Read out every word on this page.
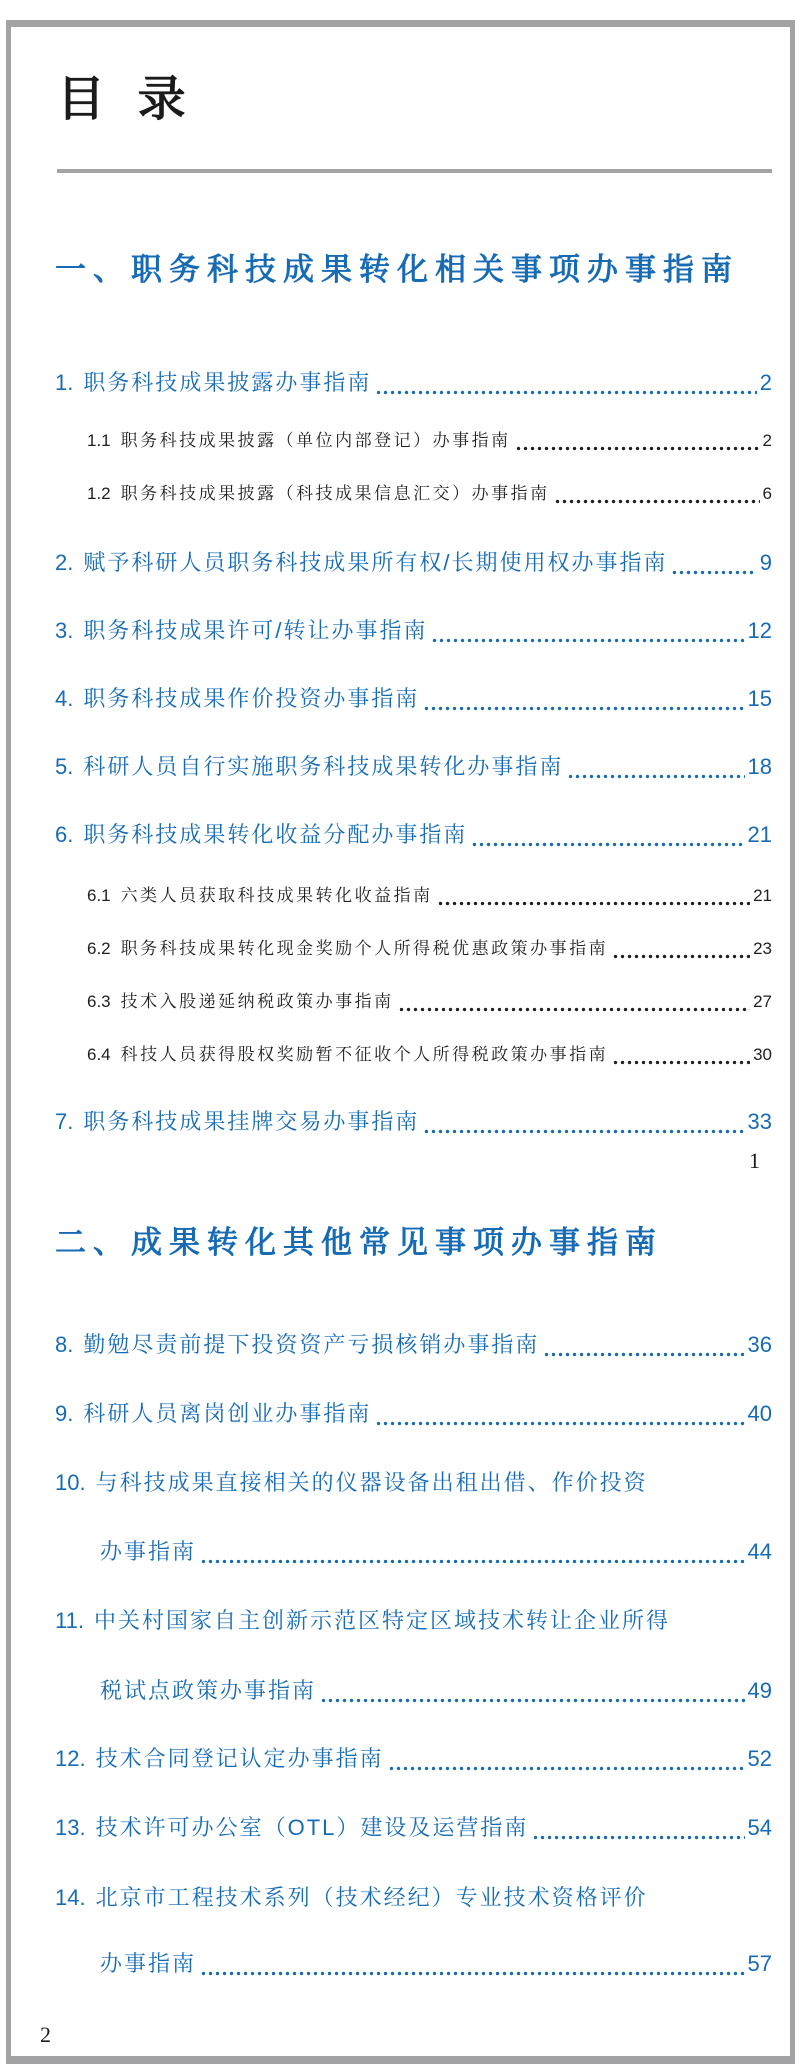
目  录
一、职务科技成果转化相关事项办事指南
1. 职务科技成果披露办事指南	2
1.1 职务科技成果披露（单位内部登记）办事指南	2
1.2 职务科技成果披露（科技成果信息汇交）办事指南	6
2. 赋予科研人员职务科技成果所有权/长期使用权办事指南	9
3. 职务科技成果许可/转让办事指南	12
4. 职务科技成果作价投资办事指南	15
5. 科研人员自行实施职务科技成果转化办事指南	18
6. 职务科技成果转化收益分配办事指南	21
6.1 六类人员获取科技成果转化收益指南	21
6.2 职务科技成果转化现金奖励个人所得税优惠政策办事指南	23
6.3 技术入股递延纳税政策办事指南	27
6.4 科技人员获得股权奖励暂不征收个人所得税政策办事指南	30
7. 职务科技成果挂牌交易办事指南	33
1
二、成果转化其他常见事项办事指南
8. 勤勉尽责前提下投资资产亏损核销办事指南	36
9. 科研人员离岗创业办事指南	40
10. 与科技成果直接相关的仪器设备出租出借、作价投资
办事指南	44
11. 中关村国家自主创新示范区特定区域技术转让企业所得
税试点政策办事指南	49
12. 技术合同登记认定办事指南	52
13. 技术许可办公室（OTL）建设及运营指南	54
14. 北京市工程技术系列（技术经纪）专业技术资格评价
办事指南	57
2
